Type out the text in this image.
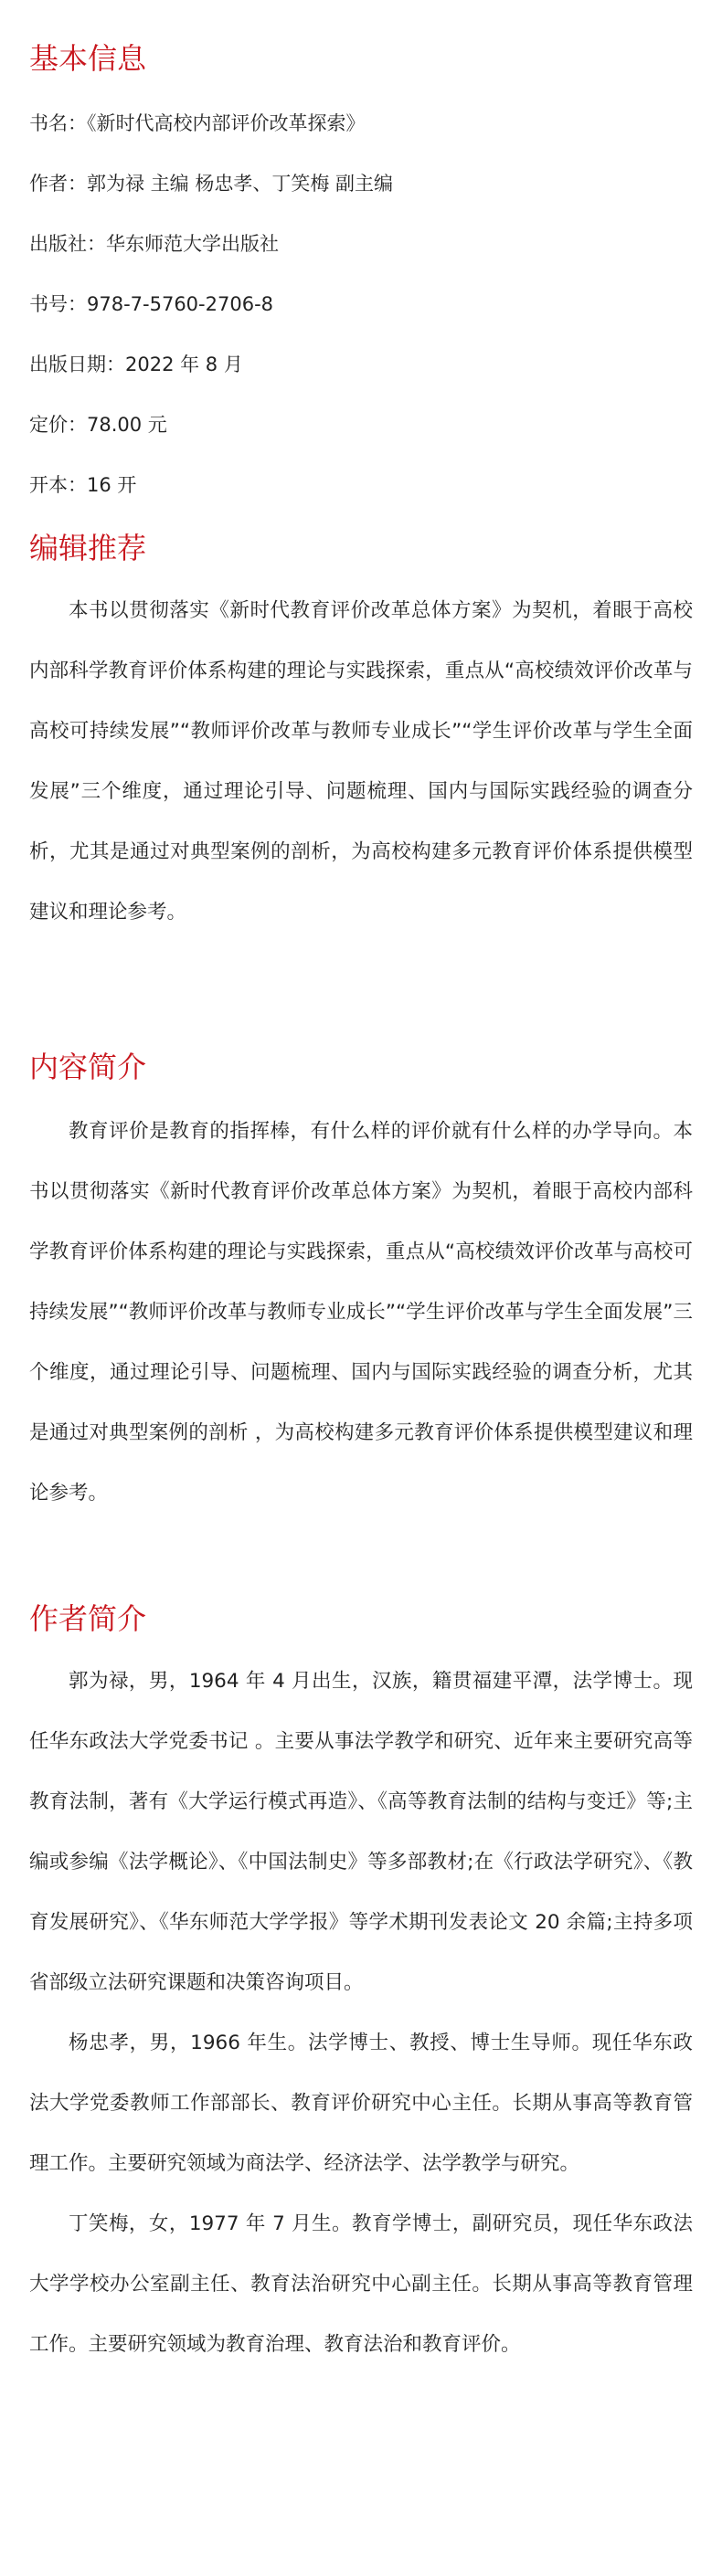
基本信息

书名：《新时代高校内部评价改革探索》

作者：郭为禄 主编 杨忠孝、丁笑梅 副主编

出版社：华东师范大学出版社

书号：978-7-5760-2706-8

出版日期：2022 年 8 月

定价：78.00 元

开本：16 开

编辑推荐

本书以贯彻落实《新时代教育评价改革总体方案》为契机，着眼于高校内部科学教育评价体系构建的理论与实践探索，重点从“高校绩效评价改革与高校可持续发展”“教师评价改革与教师专业成长”“学生评价改革与学生全面发展”三个维度，通过理论引导、问题梳理、国内与国际实践经验的调查分析，尤其是通过对典型案例的剖析，为高校构建多元教育评价体系提供模型建议和理论参考。

内容简介

教育评价是教育的指挥棒，有什么样的评价就有什么样的办学导向。本书以贯彻落实《新时代教育评价改革总体方案》为契机，着眼于高校内部科学教育评价体系构建的理论与实践探索，重点从“高校绩效评价改革与高校可持续发展”“教师评价改革与教师专业成长”“学生评价改革与学生全面发展”三个维度，通过理论引导、问题梳理、国内与国际实践经验的调查分析，尤其是通过对典型案例的剖析 ，为高校构建多元教育评价体系提供模型建议和理论参考。

作者简介

郭为禄，男，1964 年 4 月出生，汉族，籍贯福建平潭，法学博士。现任华东政法大学党委书记 。主要从事法学教学和研究、近年来主要研究高等教育法制，著有《大学运行模式再造》、《高等教育法制的结构与变迁》等;主编或参编《法学概论》、《中国法制史》等多部教材;在《行政法学研究》、《教育发展研究》、《华东师范大学学报》等学术期刊发表论文 20 余篇;主持多项省部级立法研究课题和决策咨询项目。

杨忠孝，男，1966 年生。法学博士、教授、博士生导师。现任华东政法大学党委教师工作部部长、教育评价研究中心主任。长期从事高等教育管理工作。主要研究领域为商法学、经济法学、法学教学与研究。

丁笑梅，女，1977 年 7 月生。教育学博士，副研究员，现任华东政法大学学校办公室副主任、教育法治研究中心副主任。长期从事高等教育管理工作。主要研究领域为教育治理、教育法治和教育评价。
